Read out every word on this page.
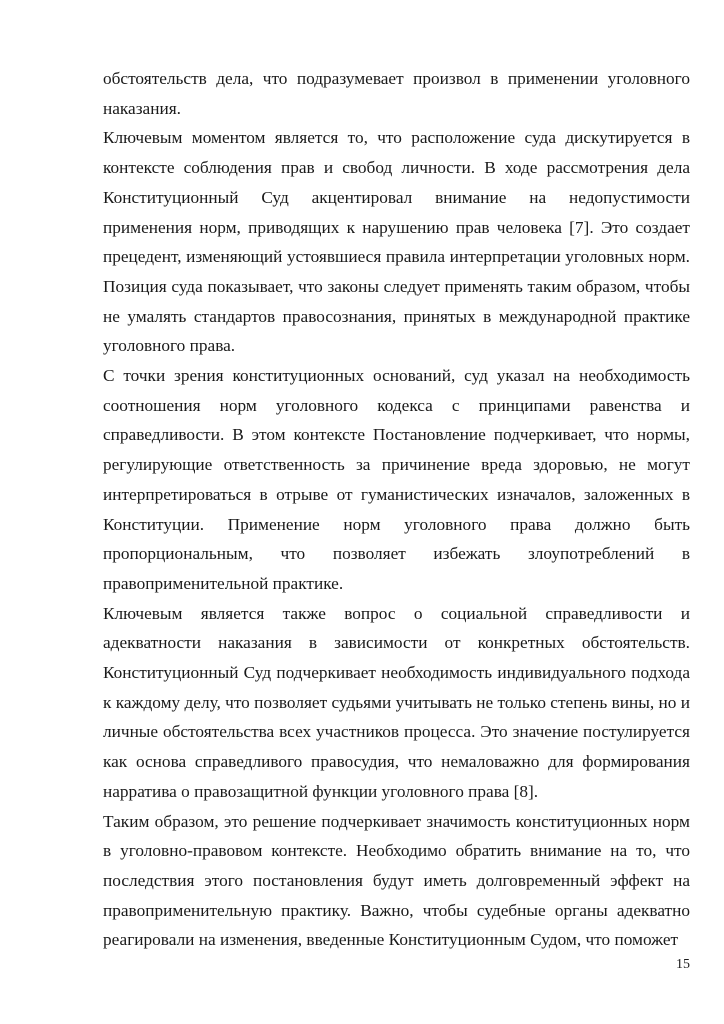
обстоятельств дела, что подразумевает произвол в применении уголовного наказания.

Ключевым моментом является то, что расположение суда дискутируется в контексте соблюдения прав и свобод личности. В ходе рассмотрения дела Конституционный Суд акцентировал внимание на недопустимости применения норм, приводящих к нарушению прав человека [7]. Это создает прецедент, изменяющий устоявшиеся правила интерпретации уголовных норм. Позиция суда показывает, что законы следует применять таким образом, чтобы не умалять стандартов правосознания, принятых в международной практике уголовного права.

С точки зрения конституционных оснований, суд указал на необходимость соотношения норм уголовного кодекса с принципами равенства и справедливости. В этом контексте Постановление подчеркивает, что нормы, регулирующие ответственность за причинение вреда здоровью, не могут интерпретироваться в отрыве от гуманистических изначалов, заложенных в Конституции. Применение норм уголовного права должно быть пропорциональным, что позволяет избежать злоупотреблений в правоприменительной практике.

Ключевым является также вопрос о социальной справедливости и адекватности наказания в зависимости от конкретных обстоятельств. Конституционный Суд подчеркивает необходимость индивидуального подхода к каждому делу, что позволяет судьями учитывать не только степень вины, но и личные обстоятельства всех участников процесса. Это значение постулируется как основа справедливого правосудия, что немаловажно для формирования нарратива о правозащитной функции уголовного права [8].

Таким образом, это решение подчеркивает значимость конституционных норм в уголовно-правовом контексте. Необходимо обратить внимание на то, что последствия этого постановления будут иметь долговременный эффект на правоприменительную практику. Важно, чтобы судебные органы адекватно реагировали на изменения, введенные Конституционным Судом, что поможет

15
